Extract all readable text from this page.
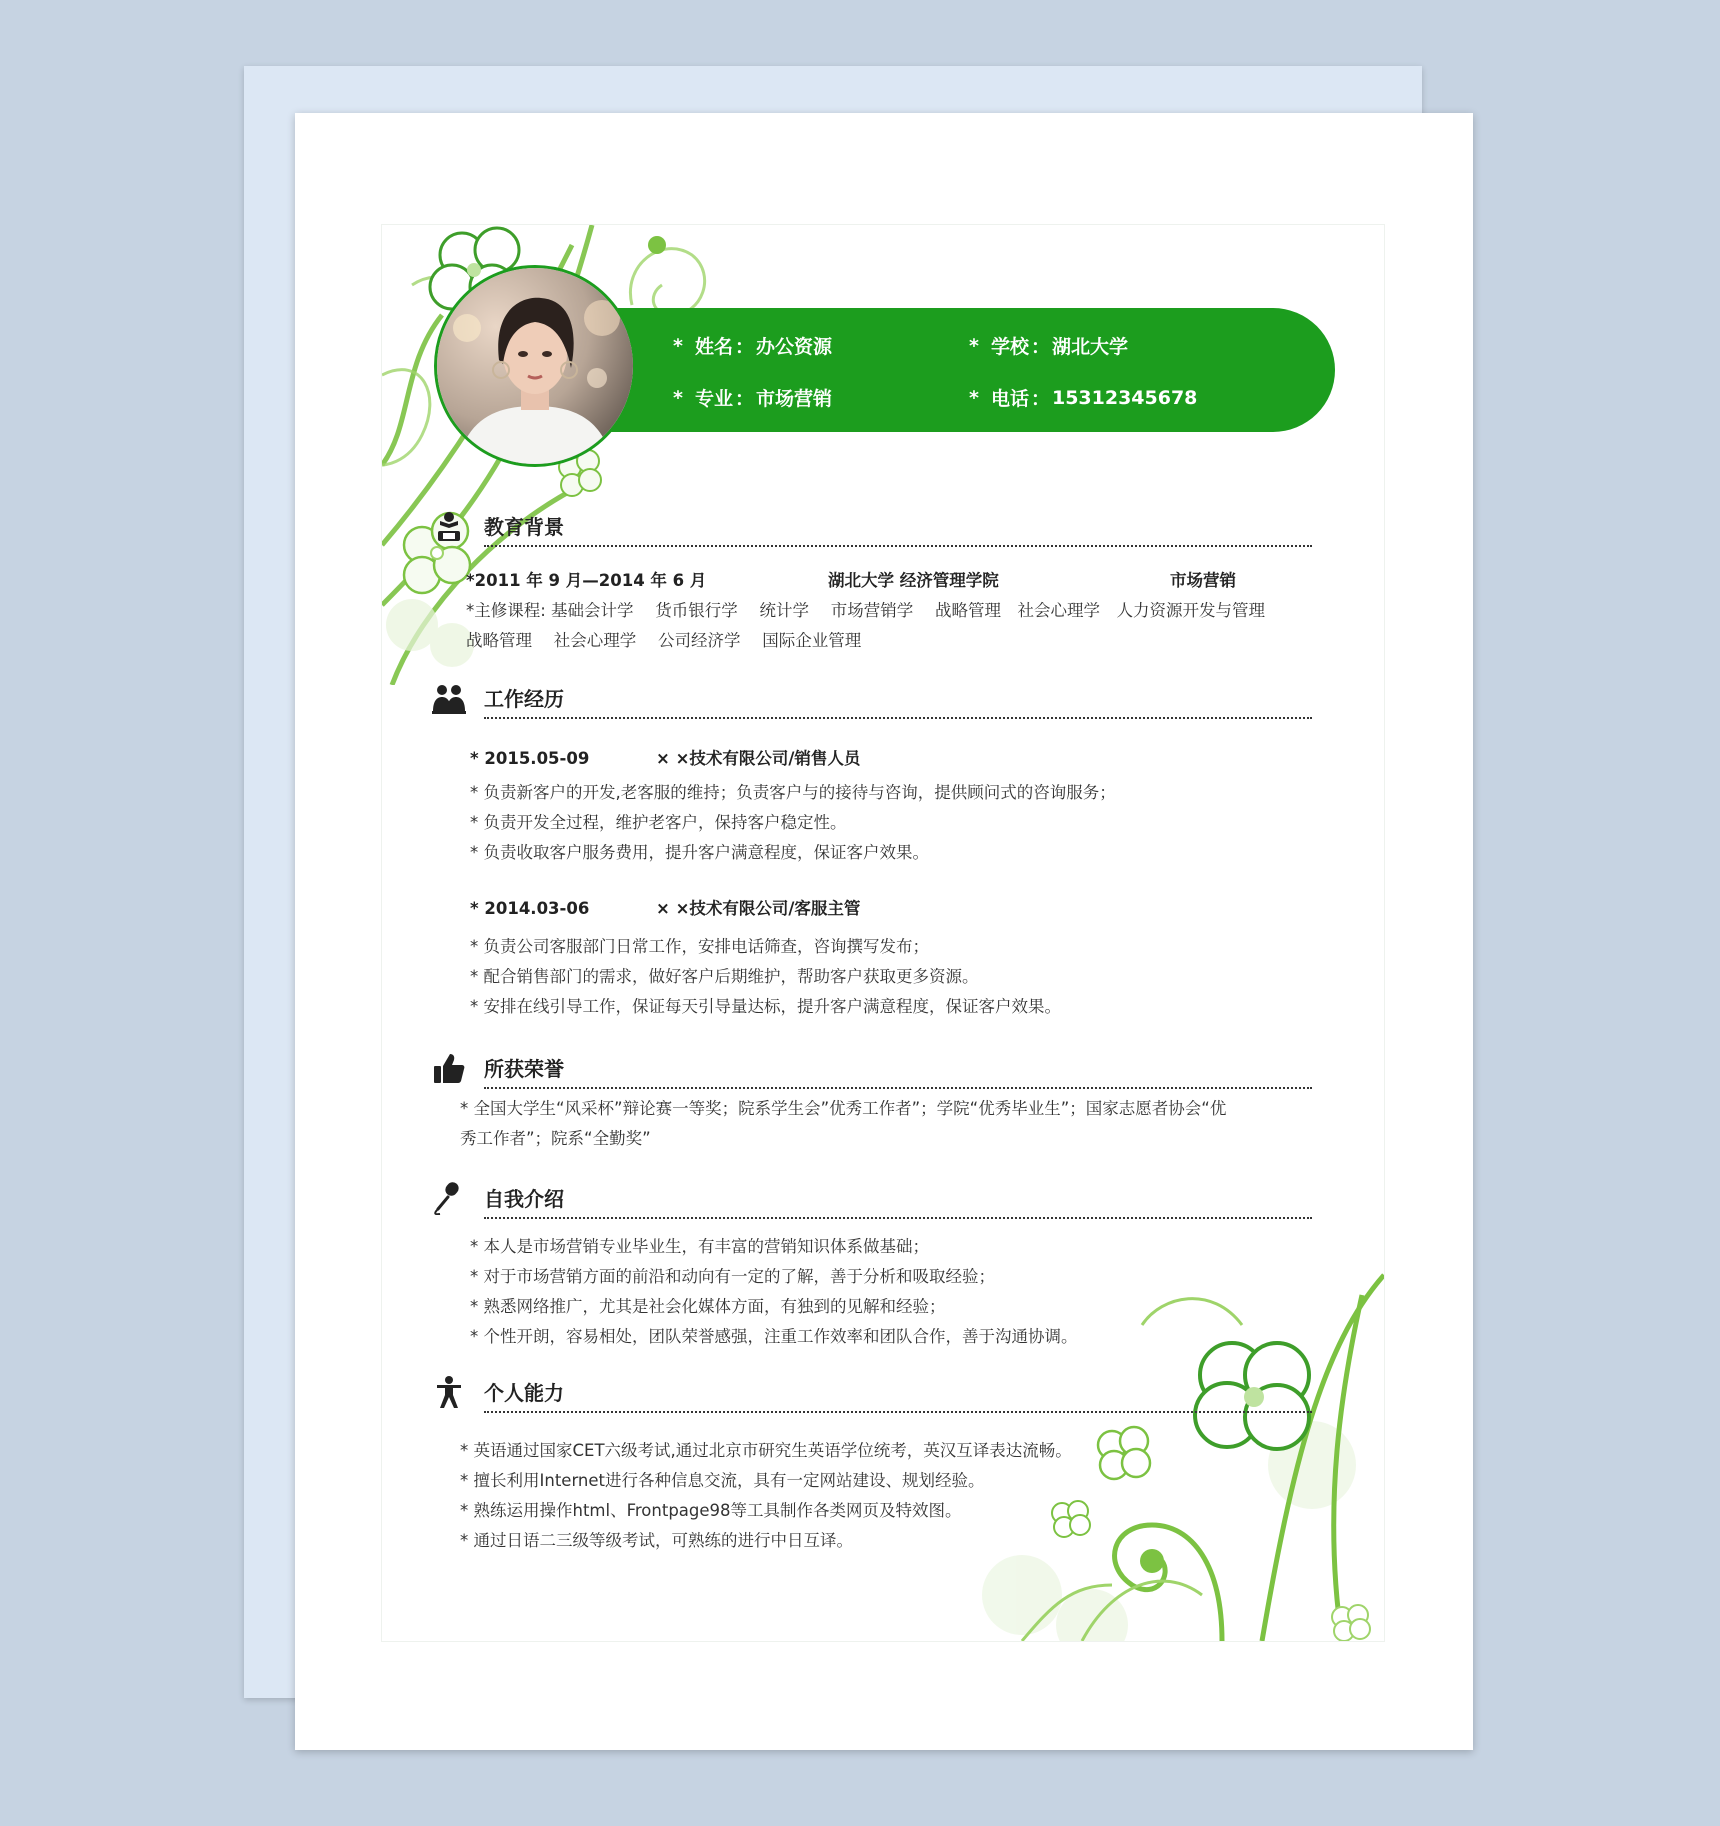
* 姓名 ： 办公资源	* 学校 ： 湖北大学
* 专业 ： 市场营销	* 电话 ： 15312345678
教育背景
*2011 年 9 月—2014 年 6 月	湖北大学 经济管理学院	市场营销
*主修课程: 基础会计学　 货币银行学　 统计学　 市场营销学　 战略管理　社会心理学　人力资源开发与管理
战略管理　 社会心理学　 公司经济学　 国际企业管理
工作经历
* 2015.05-09	× ×技术有限公司/销售人员
* 负责新客户的开发,老客服的维持；负责客户与的接待与咨询，提供顾问式的咨询服务；
* 负责开发全过程，维护老客户，保持客户稳定性。
* 负责收取客户服务费用，提升客户满意程度，保证客户效果。
* 2014.03-06	× ×技术有限公司/客服主管
* 负责公司客服部门日常工作，安排电话筛查，咨询撰写发布；
* 配合销售部门的需求，做好客户后期维护，帮助客户获取更多资源。
* 安排在线引导工作，保证每天引导量达标，提升客户满意程度，保证客户效果。
所获荣誉
* 全国大学生“风采杯”辩论赛一等奖；院系学生会”优秀工作者”；学院“优秀毕业生”；国家志愿者协会“优
秀工作者”；院系“全勤奖”
自我介绍
* 本人是市场营销专业毕业生，有丰富的营销知识体系做基础；
* 对于市场营销方面的前沿和动向有一定的了解，善于分析和吸取经验；
* 熟悉网络推广，尤其是社会化媒体方面，有独到的见解和经验；
* 个性开朗，容易相处，团队荣誉感强，注重工作效率和团队合作，善于沟通协调。
个人能力
* 英语通过国家CET六级考试,通过北京市研究生英语学位统考，英汉互译表达流畅。
* 擅长利用Internet进行各种信息交流，具有一定网站建设、规划经验。
* 熟练运用操作html、Frontpage98等工具制作各类网页及特效图。
* 通过日语二三级等级考试，可熟练的进行中日互译。
